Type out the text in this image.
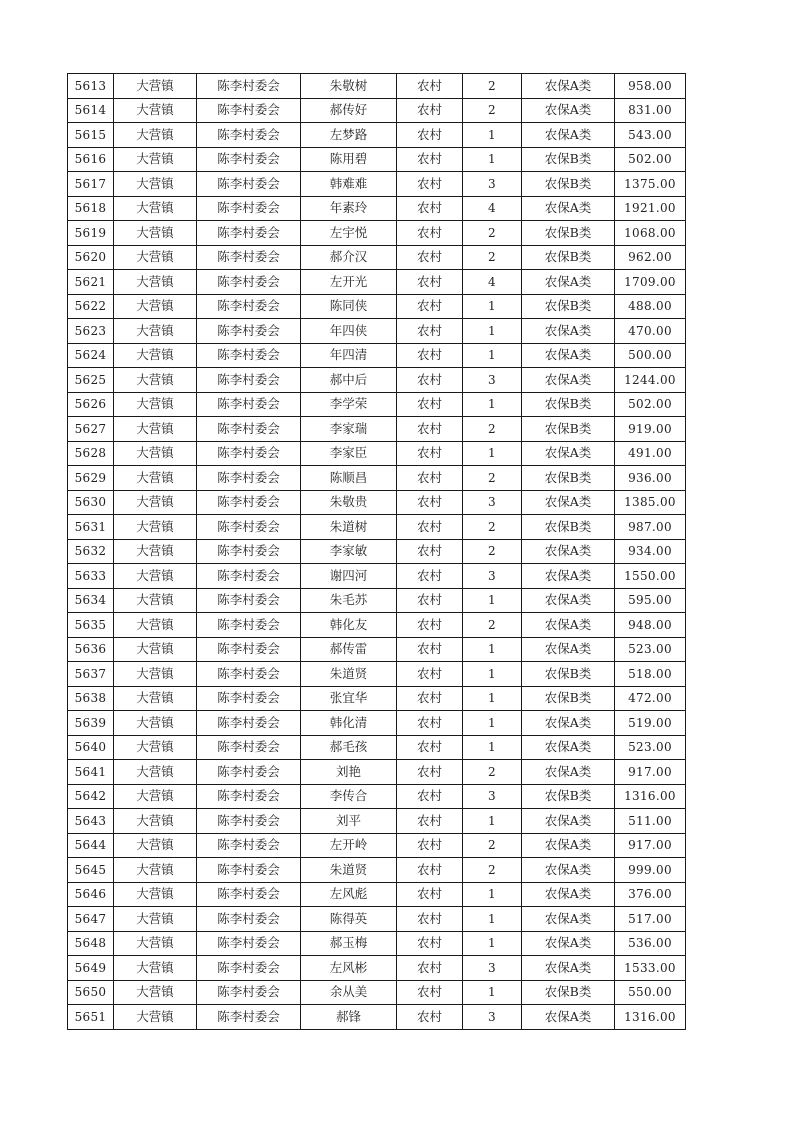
5613	大营镇	陈李村委会	朱敬树	农村	2	农保A类	958.00
5614	大营镇	陈李村委会	郝传好	农村	2	农保A类	831.00
5615	大营镇	陈李村委会	左梦路	农村	1	农保A类	543.00
5616	大营镇	陈李村委会	陈用碧	农村	1	农保B类	502.00
5617	大营镇	陈李村委会	韩难难	农村	3	农保B类	1375.00
5618	大营镇	陈李村委会	年素玲	农村	4	农保A类	1921.00
5619	大营镇	陈李村委会	左宇悦	农村	2	农保B类	1068.00
5620	大营镇	陈李村委会	郝介汉	农村	2	农保B类	962.00
5621	大营镇	陈李村委会	左开光	农村	4	农保A类	1709.00
5622	大营镇	陈李村委会	陈同侠	农村	1	农保B类	488.00
5623	大营镇	陈李村委会	年四侠	农村	1	农保A类	470.00
5624	大营镇	陈李村委会	年四清	农村	1	农保A类	500.00
5625	大营镇	陈李村委会	郝中后	农村	3	农保A类	1244.00
5626	大营镇	陈李村委会	李学荣	农村	1	农保B类	502.00
5627	大营镇	陈李村委会	李家瑞	农村	2	农保B类	919.00
5628	大营镇	陈李村委会	李家臣	农村	1	农保A类	491.00
5629	大营镇	陈李村委会	陈顺昌	农村	2	农保B类	936.00
5630	大营镇	陈李村委会	朱敬贵	农村	3	农保A类	1385.00
5631	大营镇	陈李村委会	朱道树	农村	2	农保B类	987.00
5632	大营镇	陈李村委会	李家敏	农村	2	农保A类	934.00
5633	大营镇	陈李村委会	谢四河	农村	3	农保A类	1550.00
5634	大营镇	陈李村委会	朱毛苏	农村	1	农保A类	595.00
5635	大营镇	陈李村委会	韩化友	农村	2	农保A类	948.00
5636	大营镇	陈李村委会	郝传雷	农村	1	农保A类	523.00
5637	大营镇	陈李村委会	朱道贤	农村	1	农保B类	518.00
5638	大营镇	陈李村委会	张宜华	农村	1	农保B类	472.00
5639	大营镇	陈李村委会	韩化清	农村	1	农保A类	519.00
5640	大营镇	陈李村委会	郝毛孩	农村	1	农保A类	523.00
5641	大营镇	陈李村委会	刘艳	农村	2	农保A类	917.00
5642	大营镇	陈李村委会	李传合	农村	3	农保B类	1316.00
5643	大营镇	陈李村委会	刘平	农村	1	农保A类	511.00
5644	大营镇	陈李村委会	左开岭	农村	2	农保A类	917.00
5645	大营镇	陈李村委会	朱道贤	农村	2	农保A类	999.00
5646	大营镇	陈李村委会	左风彪	农村	1	农保A类	376.00
5647	大营镇	陈李村委会	陈得英	农村	1	农保A类	517.00
5648	大营镇	陈李村委会	郝玉梅	农村	1	农保A类	536.00
5649	大营镇	陈李村委会	左风彬	农村	3	农保A类	1533.00
5650	大营镇	陈李村委会	余从美	农村	1	农保B类	550.00
5651	大营镇	陈李村委会	郝锋	农村	3	农保A类	1316.00
